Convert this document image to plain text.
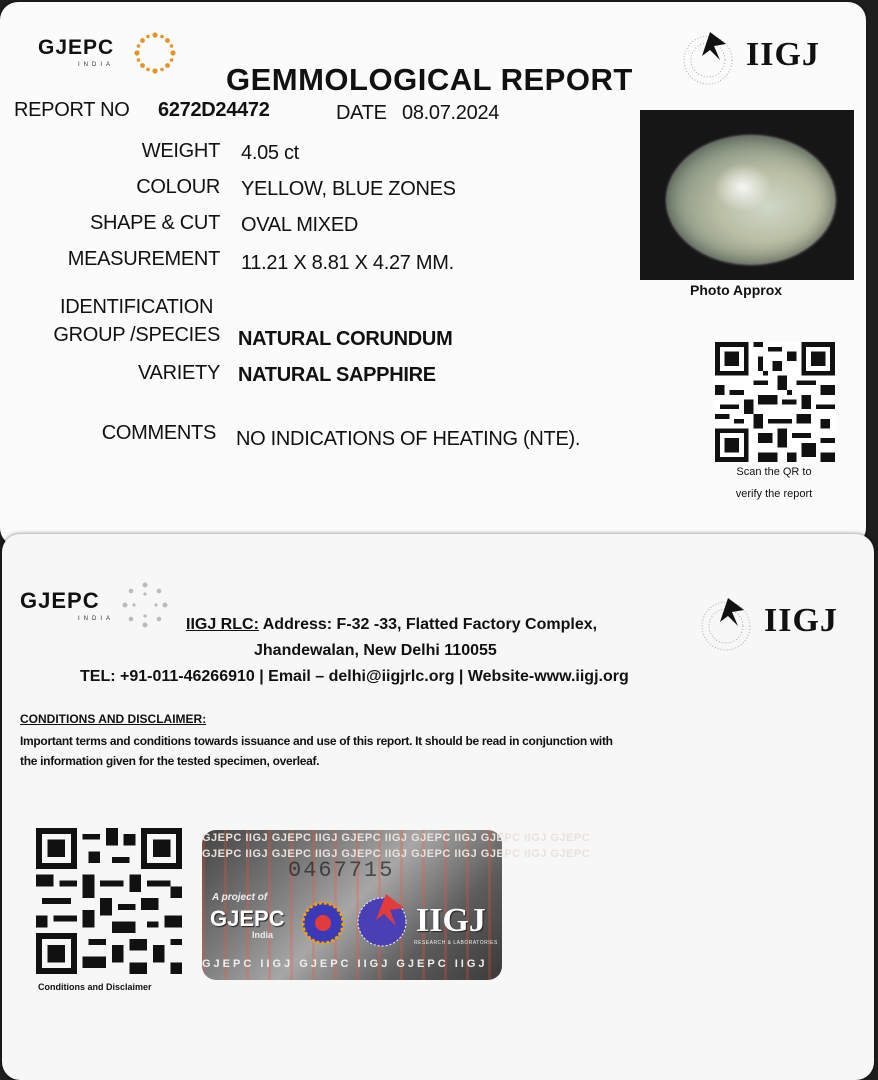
GJEPC
INDIA	IIGJ
GEMMOLOGICAL REPORT
REPORT NO 6272D24472	DATE 08.07.2024
WEIGHT 4.05 ct
COLOUR YELLOW, BLUE ZONES
SHAPE & CUT OVAL MIXED
MEASUREMENT 11.21 X 8.81 X 4.27 MM.
IDENTIFICATION
GROUP /SPECIES NATURAL CORUNDUM
VARIETY NATURAL SAPPHIRE
COMMENTS NO INDICATIONS OF HEATING (NTE).
Photo Approx
Scan the QR to
verify the report
GJEPC
INDIA	IIGJ
IIGJ RLC: Address: F-32 -33, Flatted Factory Complex,
Jhandewalan, New Delhi 110055
TEL: +91-011-46266910 | Email – delhi@iigjrlc.org | Website-www.iigj.org
CONDITIONS AND DISCLAIMER:
Important terms and conditions towards issuance and use of this report. It should be read in conjunction with
the information given for the tested specimen, overleaf.
Conditions and Disclaimer
GJEPC IIGJ GJEPC IIGJ GJEPC IIGJ GJEPC IIGJ GJEPC IIGJ GJEPC
GJEPC IIGJ GJEPC IIGJ GJEPC IIGJ GJEPC IIGJ GJEPC IIGJ GJEPC
0467715
A project of
GJEPC
India	IIGJ
RESEARCH & LABORATORIES
GJEPC IIGJ GJEPC IIGJ GJEPC IIGJ
